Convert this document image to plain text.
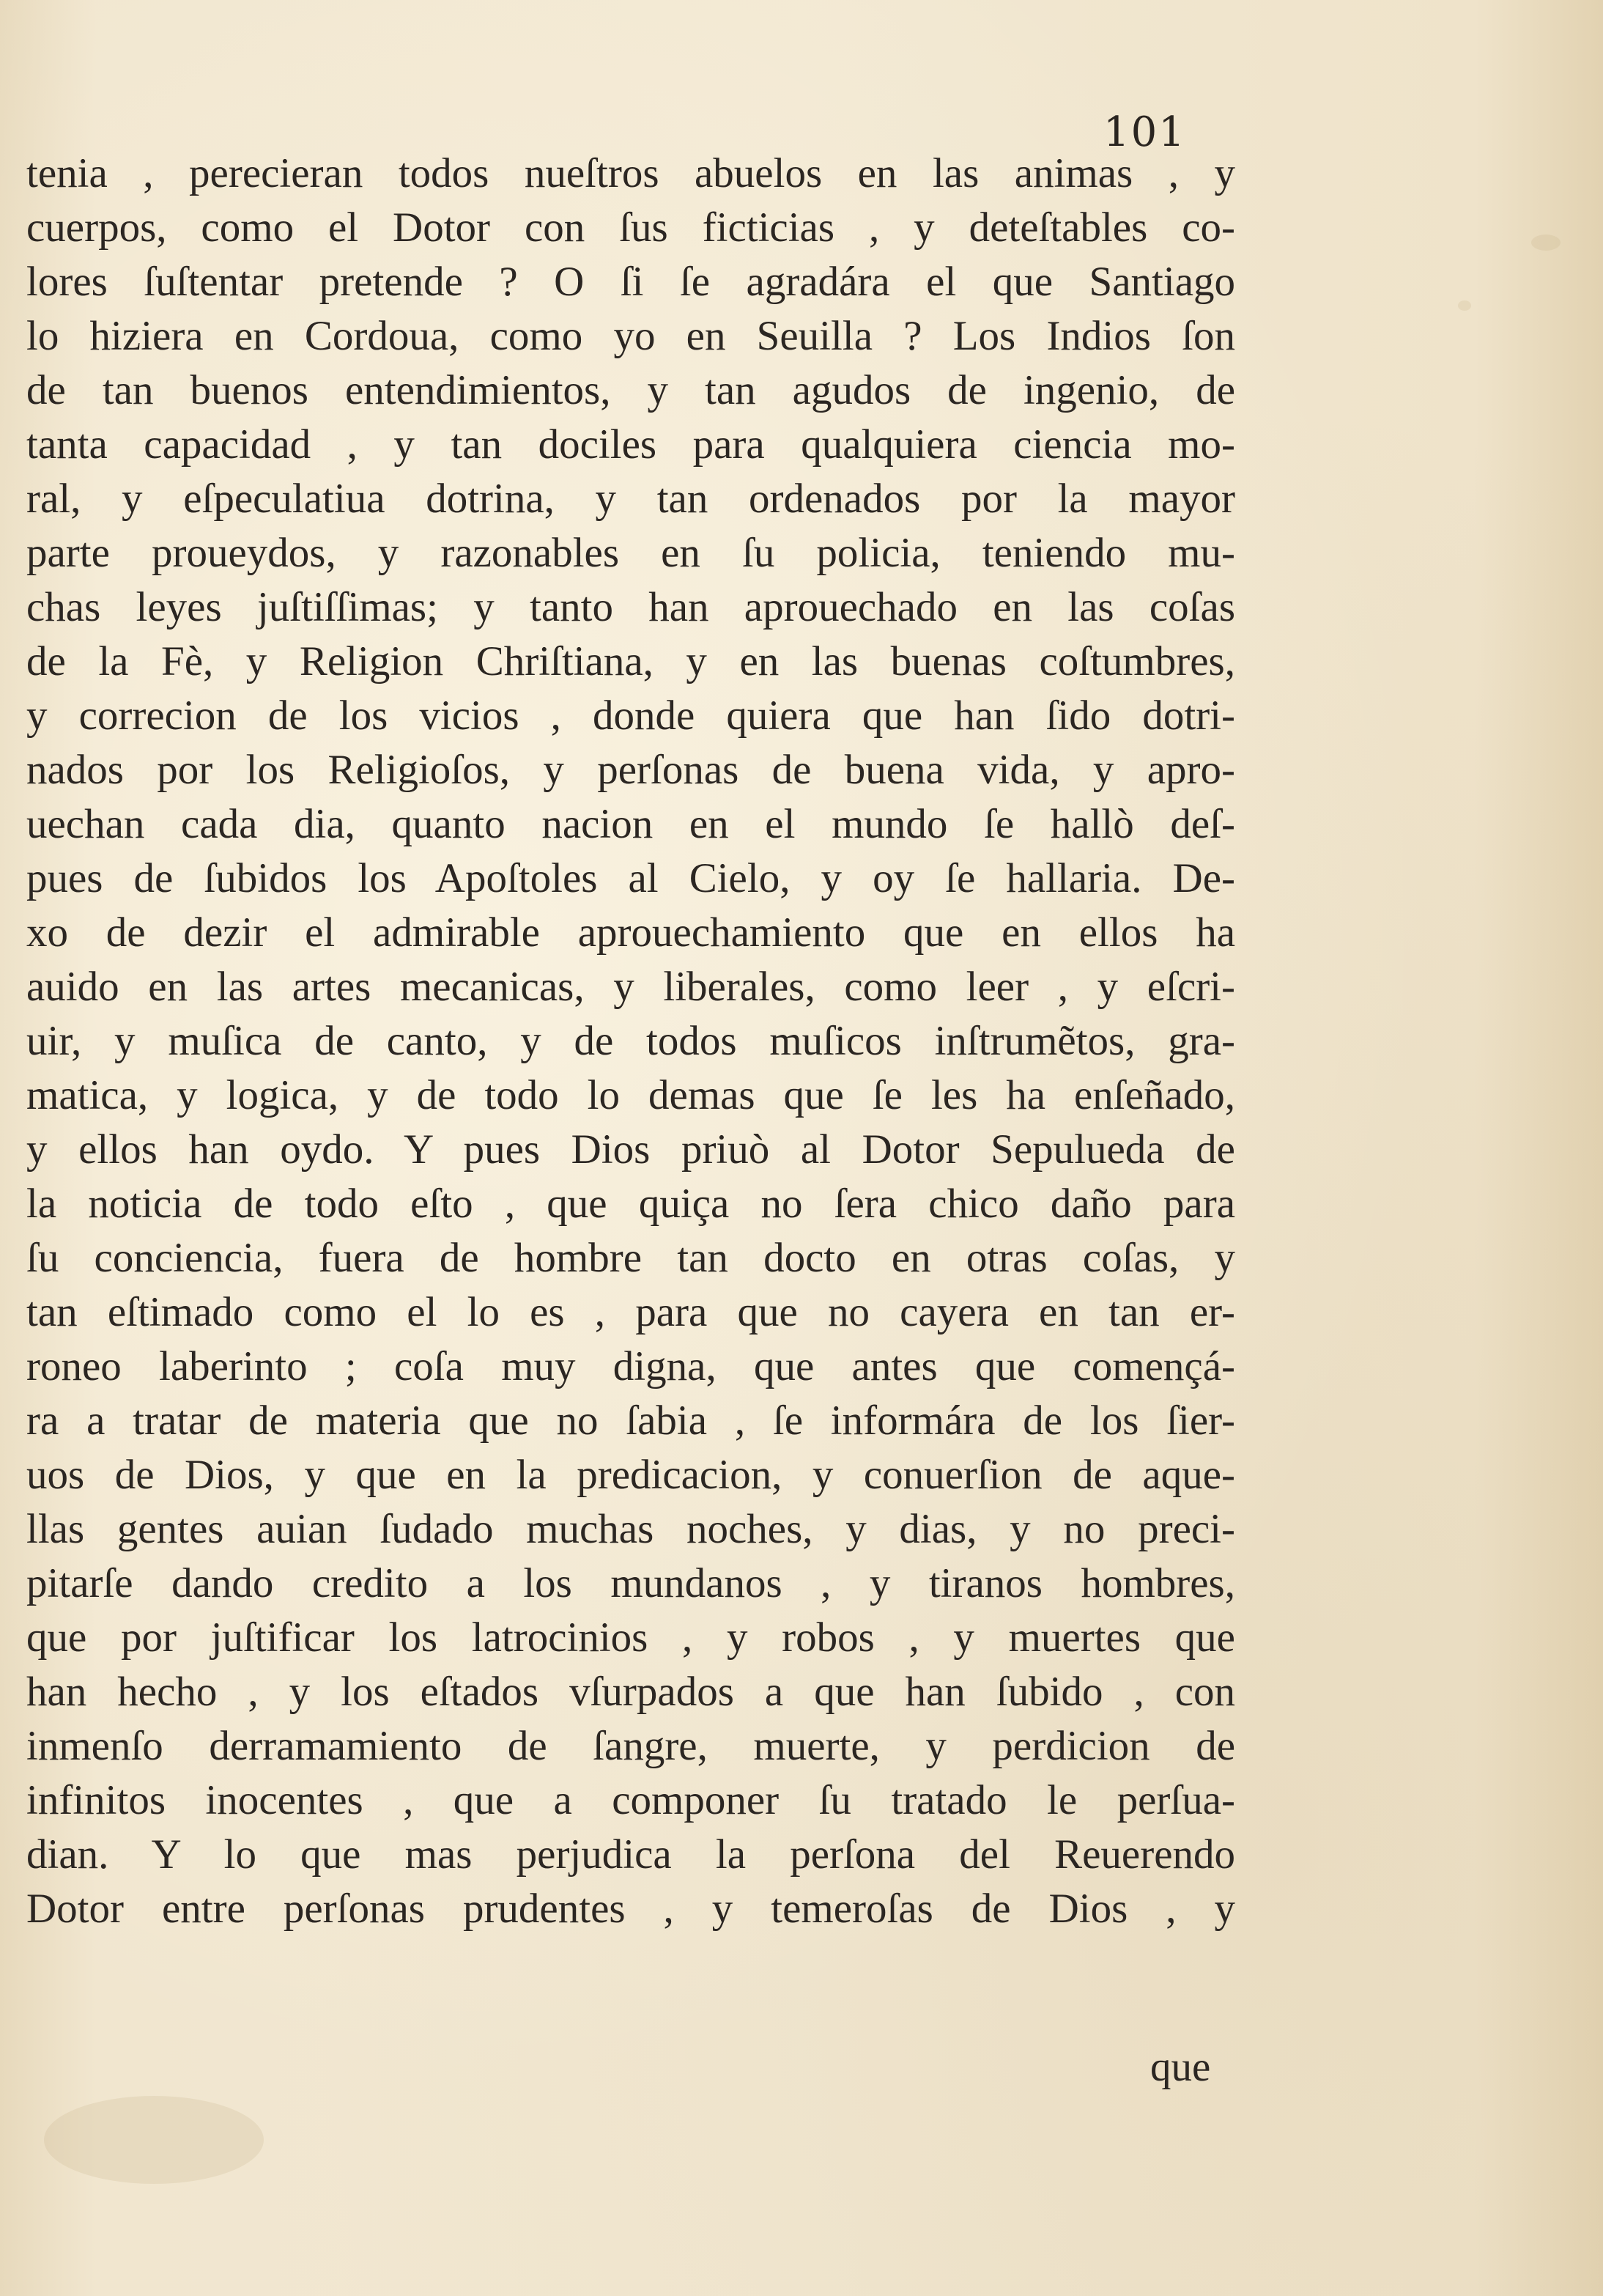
101
tenia , perecieran todos nueſtros abuelos en las animas , y
cuerpos, como el Dotor con ſus ficticias , y deteſtables co-
lores ſuſtentar pretende ? O ſi ſe agradára el que Santiago
lo hiziera en Cordoua, como yo en Seuilla ? Los Indios ſon
de tan buenos entendimientos, y tan agudos de ingenio, de
tanta capacidad , y tan dociles para qualquiera ciencia mo-
ral, y eſpeculatiua dotrina, y tan ordenados por la mayor
parte proueydos, y razonables en ſu policia, teniendo mu-
chas leyes juſtiſſimas; y tanto han aprouechado en las coſas
de la Fè, y Religion Chriſtiana, y en las buenas coſtumbres,
y correcion de los vicios , donde quiera que han ſido dotri-
nados por los Religioſos, y perſonas de buena vida, y apro-
uechan cada dia, quanto nacion en el mundo ſe hallò deſ-
pues de ſubidos los Apoſtoles al Cielo, y oy ſe hallaria. De-
xo de dezir el admirable aprouechamiento que en ellos ha
auido en las artes mecanicas, y liberales, como leer , y eſcri-
uir, y muſica de canto, y de todos muſicos inſtrumẽtos, gra-
matica, y logica, y de todo lo demas que ſe les ha enſeñado,
y ellos han oydo. Y pues Dios priuò al Dotor Sepulueda de
la noticia de todo eſto , que quiça no ſera chico daño para
ſu conciencia, fuera de hombre tan docto en otras coſas, y
tan eſtimado como el lo es , para que no cayera en tan er-
roneo laberinto ; coſa muy digna, que antes que començá-
ra a tratar de materia que no ſabia , ſe informára de los ſier-
uos de Dios, y que en la predicacion, y conuerſion de aque-
llas gentes auian ſudado muchas noches, y dias, y no preci-
pitarſe dando credito a los mundanos , y tiranos hombres,
que por juſtificar los latrocinios , y robos , y muertes que
han hecho , y los eſtados vſurpados a que han ſubido , con
inmenſo derramamiento de ſangre, muerte, y perdicion de
infinitos inocentes , que a componer ſu tratado le perſua-
dian. Y lo que mas perjudica la perſona del Reuerendo
Dotor entre perſonas prudentes , y temeroſas de Dios , y
que
